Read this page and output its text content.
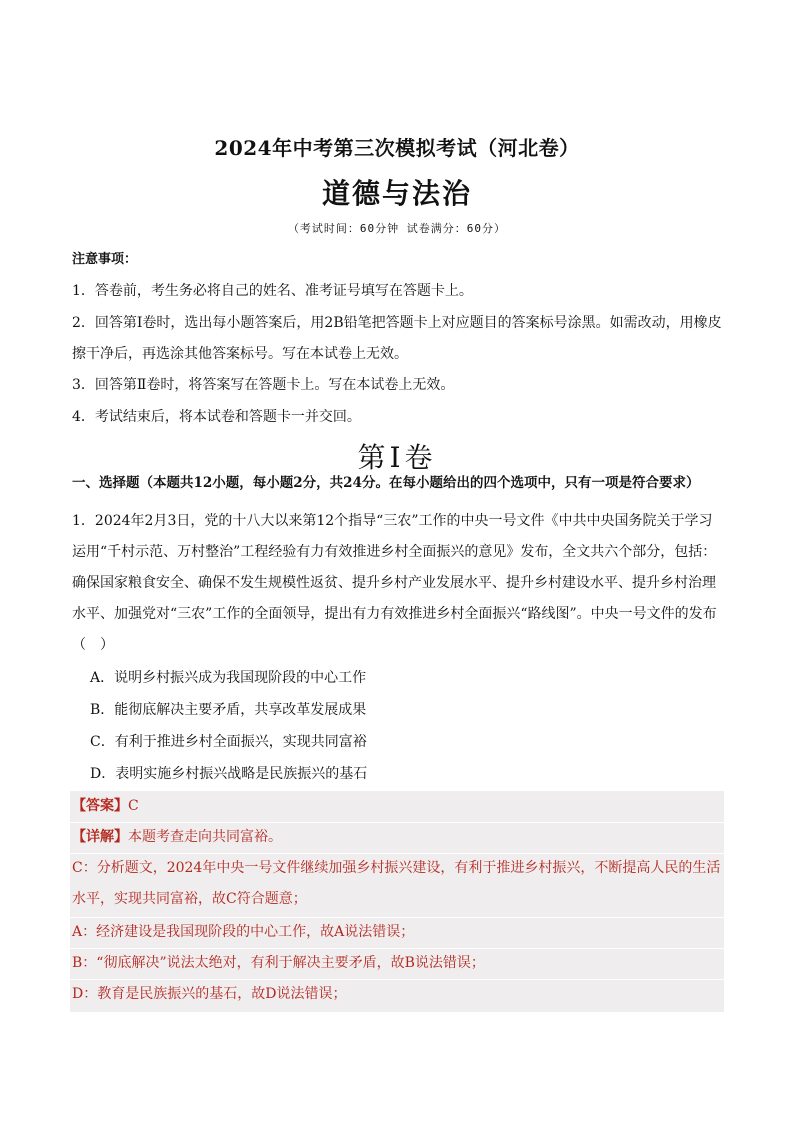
2024年中考第三次模拟考试（河北卷）
道德与法治
（考试时间：60分钟 试卷满分：60分）

注意事项：

1．答卷前，考生务必将自己的姓名、准考证号填写在答题卡上。

2．回答第Ⅰ卷时，选出每小题答案后，用2B铅笔把答题卡上对应题目的答案标号涂黑。如需改动，用橡皮擦干净后，再选涂其他答案标号。写在本试卷上无效。

3．回答第Ⅱ卷时，将答案写在答题卡上。写在本试卷上无效。

4．考试结束后，将本试卷和答题卡一并交回。

第Ⅰ卷

一、选择题（本题共12小题，每小题2分，共24分。在每小题给出的四个选项中，只有一项是符合要求）

1．2024年2月3日，党的十八大以来第12个指导“三农”工作的中央一号文件《中共中央国务院关于学习运用“千村示范、万村整治”工程经验有力有效推进乡村全面振兴的意见》发布，全文共六个部分，包括：确保国家粮食安全、确保不发生规模性返贫、提升乡村产业发展水平、提升乡村建设水平、提升乡村治理水平、加强党对“三农”工作的全面领导，提出有力有效推进乡村全面振兴“路线图”。中央一号文件的发布

（　）

A．说明乡村振兴成为我国现阶段的中心工作
B．能彻底解决主要矛盾，共享改革发展成果
C．有利于推进乡村全面振兴，实现共同富裕
D．表明实施乡村振兴战略是民族振兴的基石
【答案】C
【详解】本题考查走向共同富裕。
C：分析题文，2024年中央一号文件继续加强乡村振兴建设，有利于推进乡村振兴，不断提高人民的生活水平，实现共同富裕，故C符合题意；
A：经济建设是我国现阶段的中心工作，故A说法错误；
B：“彻底解决”说法太绝对，有利于解决主要矛盾，故B说法错误；
D：教育是民族振兴的基石，故D说法错误；
